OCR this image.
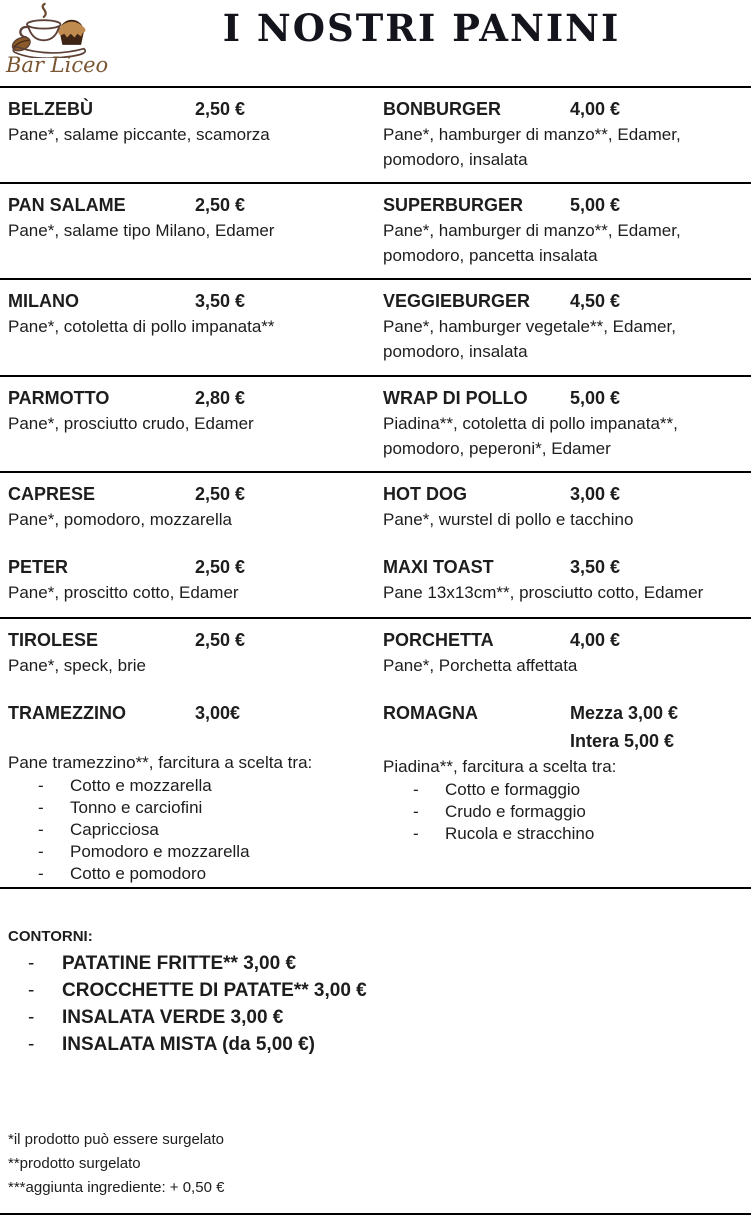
Bar Liceo
I NOSTRI PANINI
BELZEBÙ	2,50 €
Pane*, salame piccante, scamorza
BONBURGER	4,00 €
Pane*, hamburger di manzo**, Edamer, pomodoro, insalata
PAN SALAME	2,50 €
Pane*, salame tipo Milano, Edamer
SUPERBURGER	5,00 €
Pane*, hamburger di manzo**, Edamer, pomodoro, pancetta insalata
MILANO	3,50 €
Pane*, cotoletta di pollo impanata**
VEGGIEBURGER	4,50 €
Pane*, hamburger vegetale**, Edamer, pomodoro, insalata
PARMOTTO	2,80 €
Pane*, prosciutto crudo, Edamer
WRAP DI POLLO	5,00 €
Piadina**, cotoletta di pollo impanata**, pomodoro, peperoni*, Edamer
CAPRESE	2,50 €
Pane*, pomodoro, mozzarella
PETER	2,50 €
Pane*, proscitto cotto, Edamer
HOT DOG	3,00 €
Pane*, wurstel di pollo e tacchino
MAXI TOAST	3,50 €
Pane 13x13cm**, prosciutto cotto, Edamer
TIROLESE	2,50 €
Pane*, speck, brie
TRAMEZZINO	3,00€
Pane tramezzino**, farcitura a scelta tra:
-	Cotto e mozzarella
-	Tonno e carciofini
-	Capricciosa
-	Pomodoro e mozzarella
-	Cotto e pomodoro
PORCHETTA	4,00 €
Pane*, Porchetta affettata
ROMAGNA	Mezza 3,00 €
Intera 5,00 €
Piadina**, farcitura a scelta tra:
-	Cotto e formaggio
-	Crudo e formaggio
-	Rucola e stracchino
CONTORNI:
-	PATATINE FRITTE** 3,00 €
-	CROCCHETTE DI PATATE** 3,00 €
-	INSALATA VERDE 3,00 €
-	INSALATA MISTA (da 5,00 €)
*il prodotto può essere surgelato
**prodotto surgelato
***aggiunta ingrediente: + 0,50 €
